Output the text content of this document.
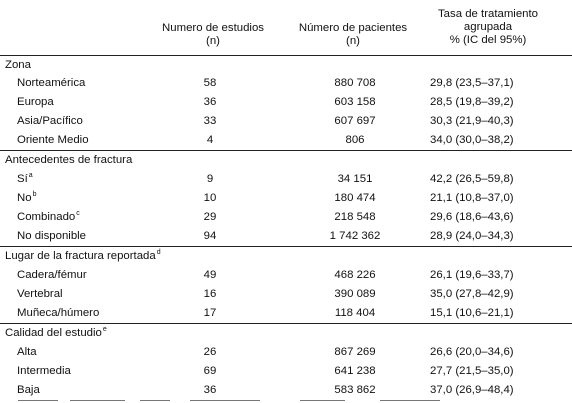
Numero de estudios
(n)
Número de pacientes
(n)
Tasa de tratamiento
agrupada
% (IC del 95%)
Zona
Norteamérica	58	880 708	29,8 (23,5–37,1)
Europa	36	603 158	28,5 (19,8–39,2)
Asia/Pacífico	33	607 697	30,3 (21,9–40,3)
Oriente Medio	4	806	34,0 (30,0–38,2)
Antecedentes de fractura
$Sí^a$	9	34 151	42,2 (26,5–59,8)
No$^b$	10	180 474	21,1 (10,8–37,0)
Combinado$^c$	29	218 548	29,6 (18,6–43,6)
No disponible	94	1 742 362	28,9 (24,0–34,3)
Lugar de la fractura reportada$^d$
Cadera/fémur	49	468 226	26,1 (19,6–33,7)
Vertebral	16	390 089	35,0 (27,8–42,9)
Muñeca/húmero	17	118 404	15,1 (10,6–21,1)
Calidad del estudio$^e$
Alta	26	867 269	26,6 (20,0–34,6)
Intermedia	69	641 238	27,7 (21,5–35,0)
Baja	36	583 862	37,0 (26,9–48,4)
